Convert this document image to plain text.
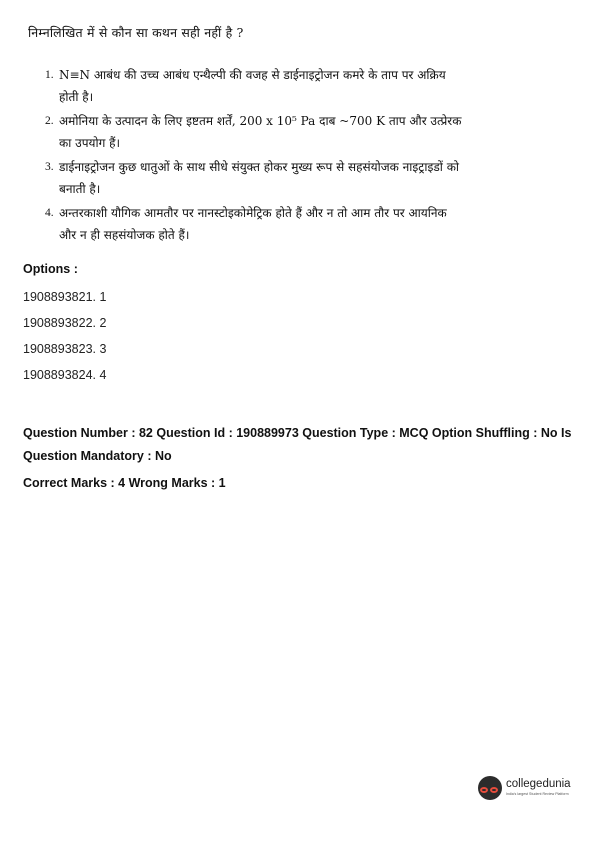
निम्नलिखित में से कौन सा कथन सही नहीं है ?
1. N≡N आबंध की उच्च आबंध एन्थैल्पी की वजह से डाईनाइट्रोजन कमरे के ताप पर अक्रिय होती है।
2. अमोनिया के उत्पादन के लिए इष्टतम शर्तें, 200 x 10⁵ Pa दाब ~700 K ताप और उत्प्रेरक का उपयोग हैं।
3. डाईनाइट्रोजन कुछ धातुओं के साथ सीधे संयुक्त होकर मुख्य रूप से सहसंयोजक नाइट्राइडों को बनाती है।
4. अन्तरकाशी यौगिक आमतौर पर नानस्टोइकोमेट्रिक होते हैं और न तो आम तौर पर आयनिक और न ही सहसंयोजक होते हैं।
Options :
1908893821. 1
1908893822. 2
1908893823. 3
1908893824. 4
Question Number : 82 Question Id : 190889973 Question Type : MCQ Option Shuffling : No Is
Question Mandatory : No
Correct Marks : 4 Wrong Marks : 1
collegedunia
India's largest Student Review Platform
